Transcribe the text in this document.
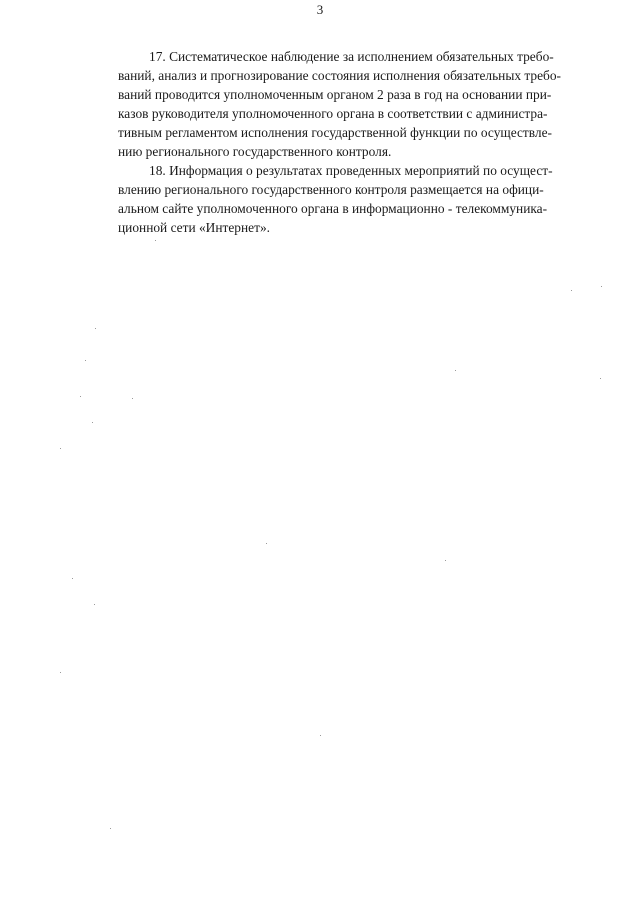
3

17. Систематическое наблюдение за исполнением обязательных требо-
ваний, анализ и прогнозирование состояния исполнения обязательных требо-
ваний проводится уполномоченным органом 2 раза в год на основании при-
казов руководителя уполномоченного органа в соответствии с администра-
тивным регламентом исполнения государственной функции по осуществле-
нию регионального государственного контроля.

18. Информация о результатах проведенных мероприятий по осущест-
влению регионального государственного контроля размещается на офици-
альном сайте уполномоченного органа в информационно - телекоммуника-
ционной сети «Интернет».
